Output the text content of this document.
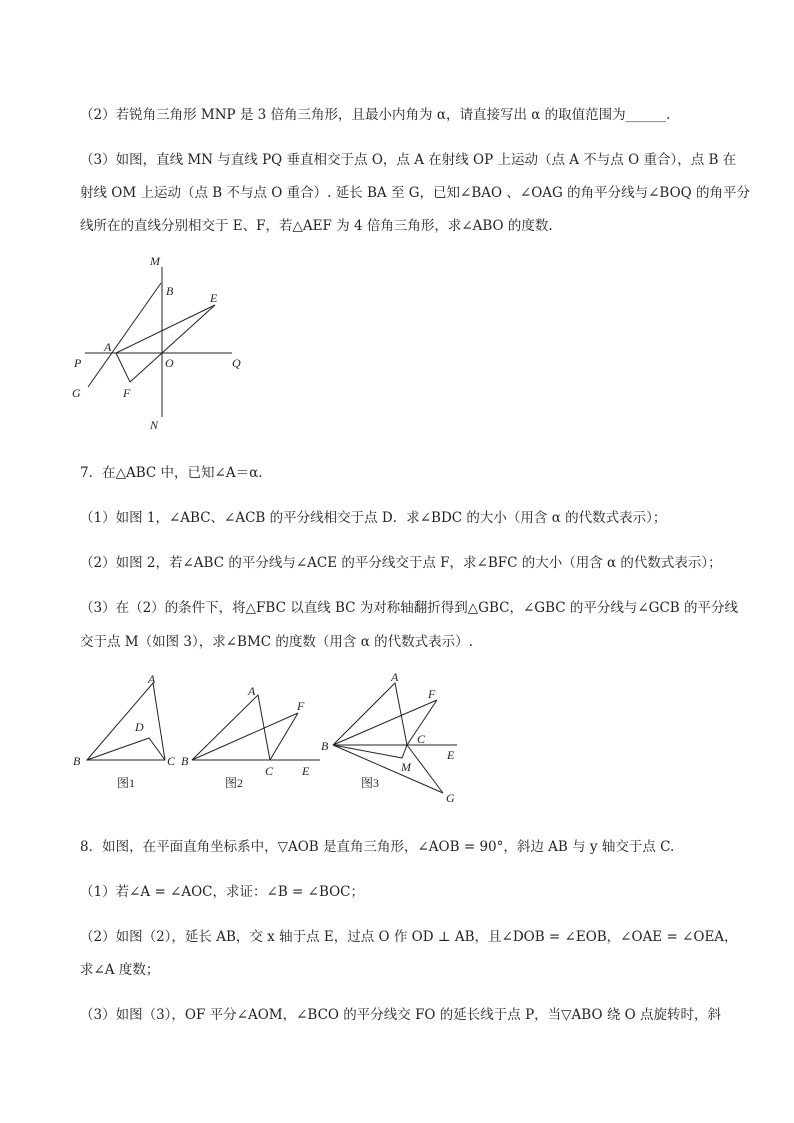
（2）若锐角三角形 MNP 是 3 倍角三角形，且最小内角为 α，请直接写出 α 的取值范围为______.
（3）如图，直线 MN 与直线 PQ 垂直相交于点 O，点 A 在射线 OP 上运动（点 A 不与点 O 重合），点 B 在
射线 OM 上运动（点 B 不与点 O 重合）. 延长 BA 至 G，已知∠BAO 、∠OAG 的角平分线与∠BOQ 的角平分
线所在的直线分别相交于 E、F，若△AEF 为 4 倍角三角形，求∠ABO 的度数.
M
B	E
A
P	O	Q
G	F
N
7．在△ABC 中，已知∠A＝α.
（1）如图 1，∠ABC、∠ACB 的平分线相交于点 D．求∠BDC 的大小（用含 α 的代数式表示）；
（2）如图 2，若∠ABC 的平分线与∠ACE 的平分线交于点 F，求∠BFC 的大小（用含 α 的代数式表示）；
（3）在（2）的条件下，将△FBC 以直线 BC 为对称轴翻折得到△GBC，∠GBC 的平分线与∠GCB 的平分线
交于点 M（如图 3），求∠BMC 的度数（用含 α 的代数式表示）.
A
D
B	C
图1
A
F
B
C E
图2
A
F
B	C
E
M
G
图3
8．如图，在平面直角坐标系中，▽AOB 是直角三角形，∠AOB = 90°，斜边 AB 与 y 轴交于点 C.
（1）若∠A = ∠AOC，求证：∠B = ∠BOC；
（2）如图（2），延长 AB，交 x 轴于点 E，过点 O 作 OD ⊥ AB，且∠DOB = ∠EOB，∠OAE = ∠OEA，
求∠A 度数；
（3）如图（3），OF 平分∠AOM，∠BCO 的平分线交 FO 的延长线于点 P，当▽ABO 绕 O 点旋转时，斜
